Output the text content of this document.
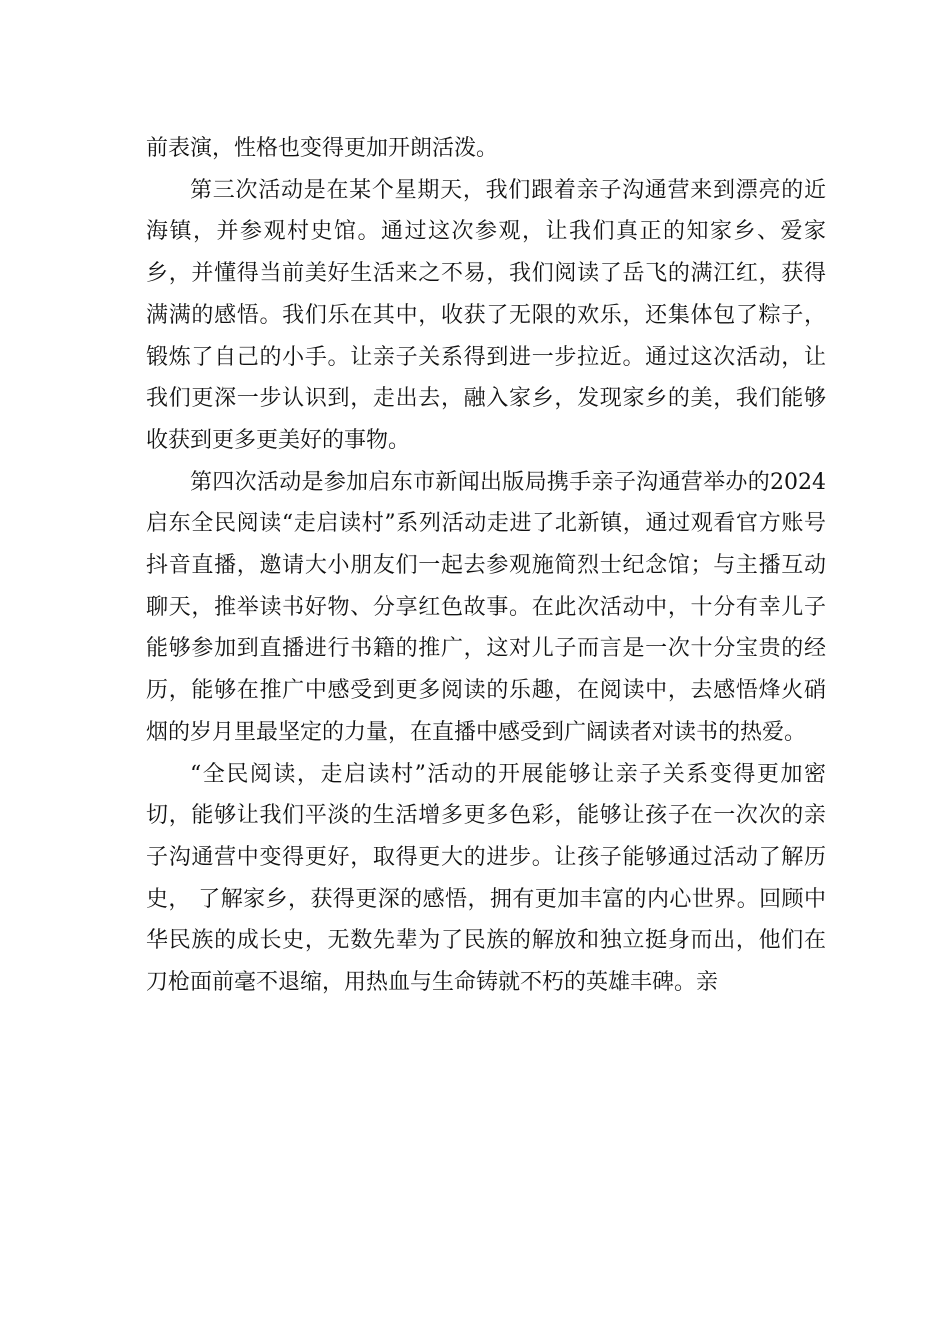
前表演，性格也变得更加开朗活泼。

第三次活动是在某个星期天，我们跟着亲子沟通营来到漂亮的近海镇，并参观村史馆。通过这次参观，让我们真正的知家乡、爱家乡，并懂得当前美好生活来之不易，我们阅读了岳飞的满江红，获得满满的感悟。我们乐在其中，收获了无限的欢乐，还集体包了粽子，锻炼了自己的小手。让亲子关系得到进一步拉近。通过这次活动，让我们更深一步认识到，走出去，融入家乡，发现家乡的美，我们能够收获到更多更美好的事物。

第四次活动是参加启东市新闻出版局携手亲子沟通营举办的2024启东全民阅读“走启读村”系列活动走进了北新镇，通过观看官方账号抖音直播，邀请大小朋友们一起去参观施简烈士纪念馆；与主播互动聊天，推举读书好物、分享红色故事。在此次活动中，十分有幸儿子能够参加到直播进行书籍的推广，这对儿子而言是一次十分宝贵的经历，能够在推广中感受到更多阅读的乐趣，在阅读中，去感悟烽火硝烟的岁月里最坚定的力量，在直播中感受到广阔读者对读书的热爱。

“全民阅读，走启读村”活动的开展能够让亲子关系变得更加密切，能够让我们平淡的生活增多更多色彩，能够让孩子在一次次的亲子沟通营中变得更好，取得更大的进步。让孩子能够通过活动了解历史， 了解家乡，获得更深的感悟，拥有更加丰富的内心世界。回顾中华民族的成长史，无数先辈为了民族的解放和独立挺身而出，他们在刀枪面前毫不退缩，用热血与生命铸就不朽的英雄丰碑。亲
